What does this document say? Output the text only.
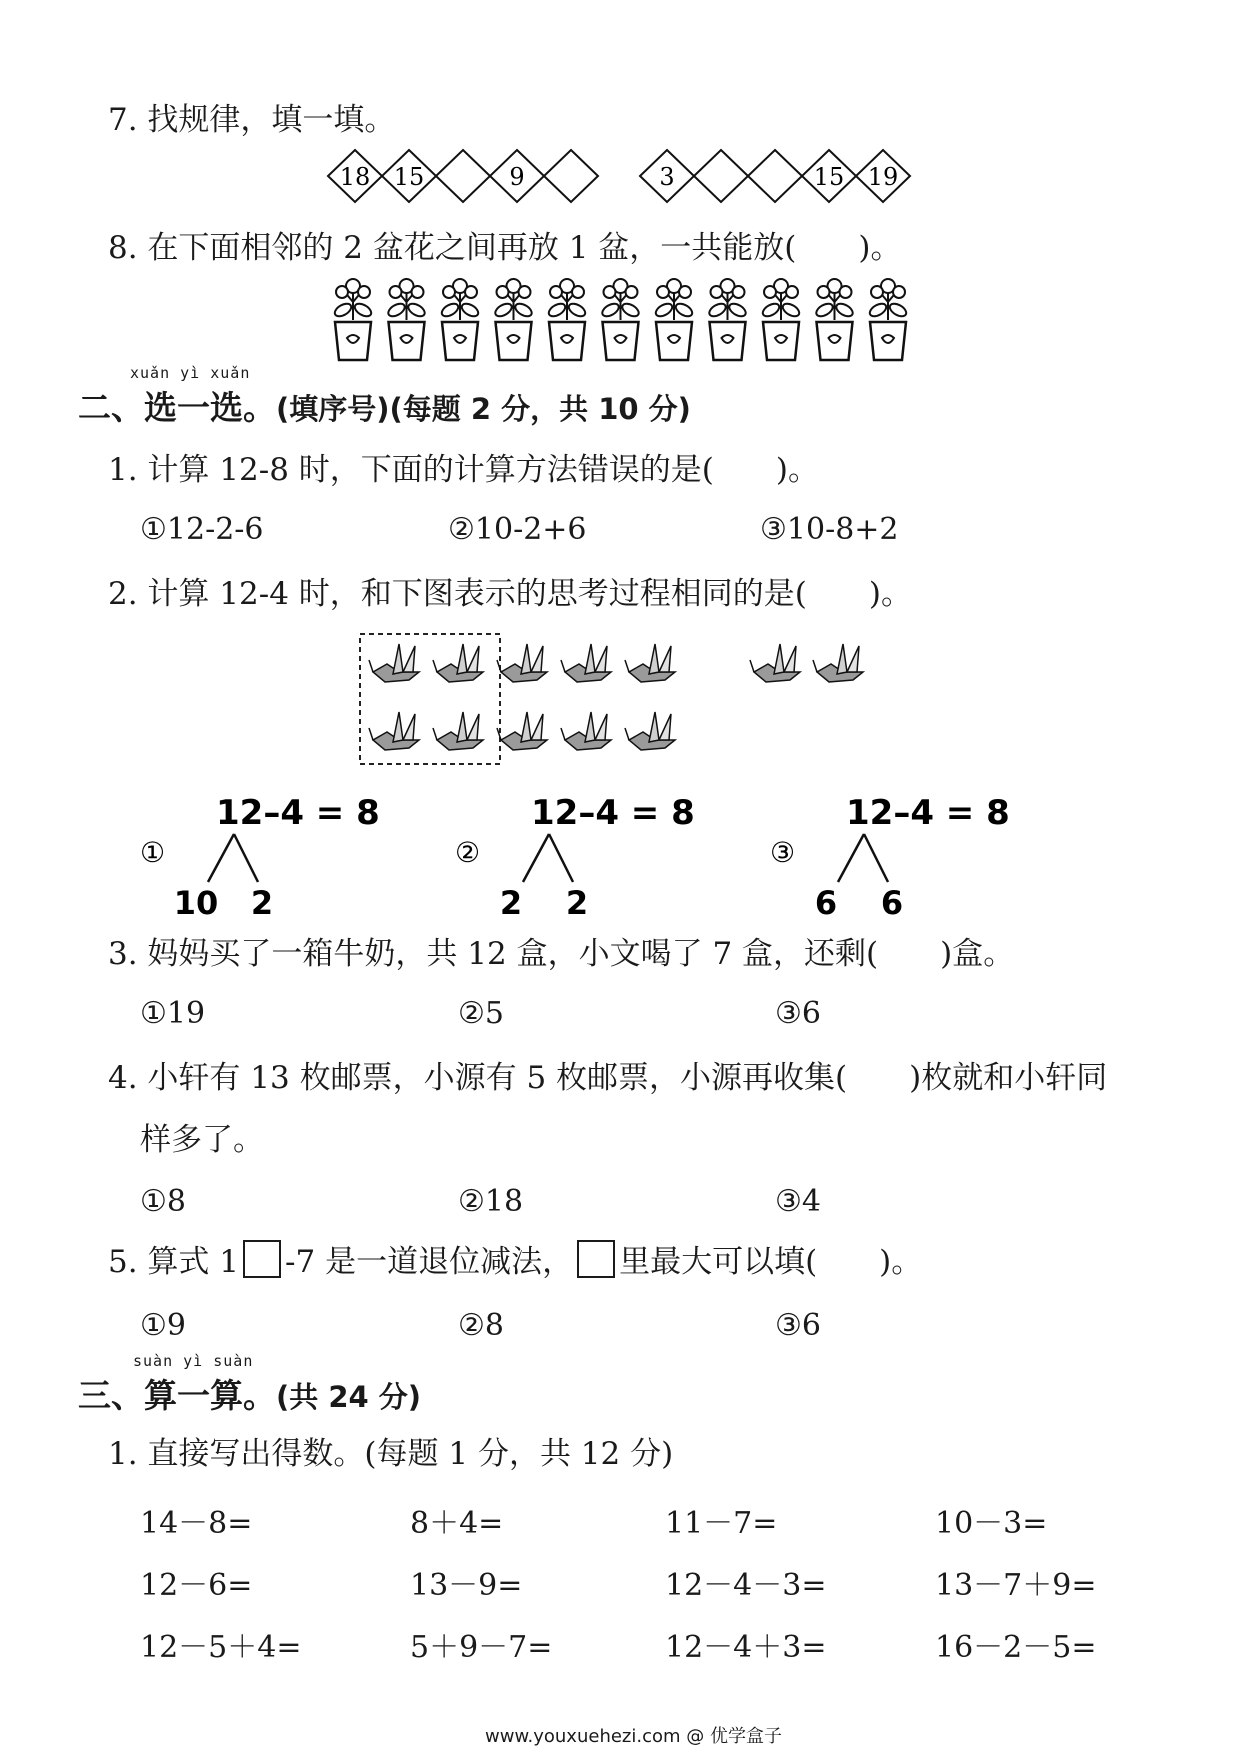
7. 找规律，填一填。
18 15	9	3	15 19
8. 在下面相邻的 2 盆花之间再放 1 盆，一共能放(　　)。
xuǎn yì xuǎn
二、选一选。(填序号)(每题 2 分，共 10 分)
1. 计算 12-8 时，下面的计算方法错误的是(　　)。
①12-2-6	②10-2+6	③10-8+2
2. 计算 12-4 时，和下图表示的思考过程相同的是(　　)。
①
12–4 = 8
10 2
②
12–4 = 8
2 2
③
12–4 = 8
6 6
3. 妈妈买了一箱牛奶，共 12 盒，小文喝了 7 盒，还剩(　　)盒。
①19	②5	③6
4. 小轩有 13 枚邮票，小源有 5 枚邮票，小源再收集(　　)枚就和小轩同
样多了。
①8	②18	③4
5. 算式 1 -7 是一道退位减法， 里最大可以填(　　)。
①9	②8	③6
suàn yì suàn
三、算一算。(共 24 分)
1. 直接写出得数。(每题 1 分，共 12 分)
14－8=	8＋4=	11－7=	10－3=
12－6=	13－9=	12－4－3=	13－7＋9=
12－5＋4=	5＋9－7=	12－4＋3=	16－2－5=
www.youxuehezi.com @ 优学盒子
